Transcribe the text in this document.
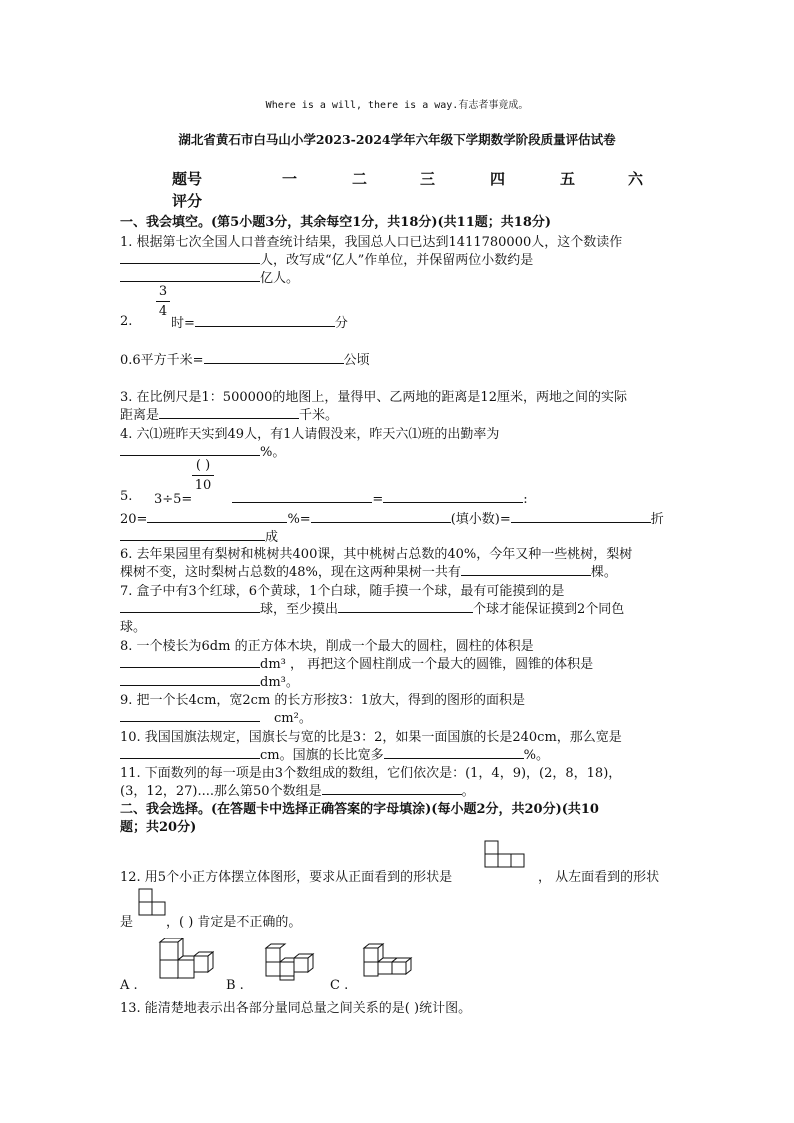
Where is a will, there is a way.有志者事竟成。
湖北省黄石市白马山小学2023-2024学年六年级下学期数学阶段质量评估试卷
题号	一	二	三	四	五	六
评分
一、我会填空。(第5小题3分，其余每空1分，共18分)(共11题；共18分)
1. 根据第七次全国人口普查统计结果，我国总人口已达到1411780000人，这个数读作
人，改写成“亿人”作单位，并保留两位小数约是
亿人。
2.
3
4
时=	分
0.6平方千米=	公顷
3. 在比例尺是1：500000的地图上，量得甲、乙两地的距离是12厘米，两地之间的实际
距离是	千米。
4. 六⑴班昨天实到49人，有1人请假没来，昨天六⑴班的出勤率为
%。
5.
( )
10
3÷5=	=	:
20=	%=	(填小数)=	折
成
6. 去年果园里有梨树和桃树共400课，其中桃树占总数的40%，今年又种一些桃树，梨树
棵树不变，这时梨树占总数的48%，现在这两种果树一共有	棵。
7. 盒子中有3个红球，6个黄球，1个白球，随手摸一个球，最有可能摸到的是
球，至少摸出	个球才能保证摸到2个同色
球。
8. 一个棱长为6dm 的正方体木块，削成一个最大的圆柱，圆柱的体积是
dm³ ， 再把这个圆柱削成一个最大的圆锥，圆锥的体积是
dm³。
9. 把一个长4cm，宽2cm 的长方形按3：1放大，得到的图形的面积是
cm²。
10. 我国国旗法规定，国旗长与宽的比是3：2，如果一面国旗的长是240cm，那么宽是
cm。国旗的长比宽多	%。
11. 下面数列的每一项是由3个数组成的数组，它们依次是：(1，4，9)，(2，8，18)，
(3，12，27)....那么第50个数组是	。
二、我会选择。(在答题卡中选择正确答案的字母填涂)(每小题2分，共20分)(共10
题；共20分)
12. 用5个小正方体摆立体图形，要求从正面看到的形状是	， 从左面看到的形状
是	，( ) 肯定是不正确的。
A .	B .	C .
13. 能清楚地表示出各部分量同总量之间关系的是( )统计图。
